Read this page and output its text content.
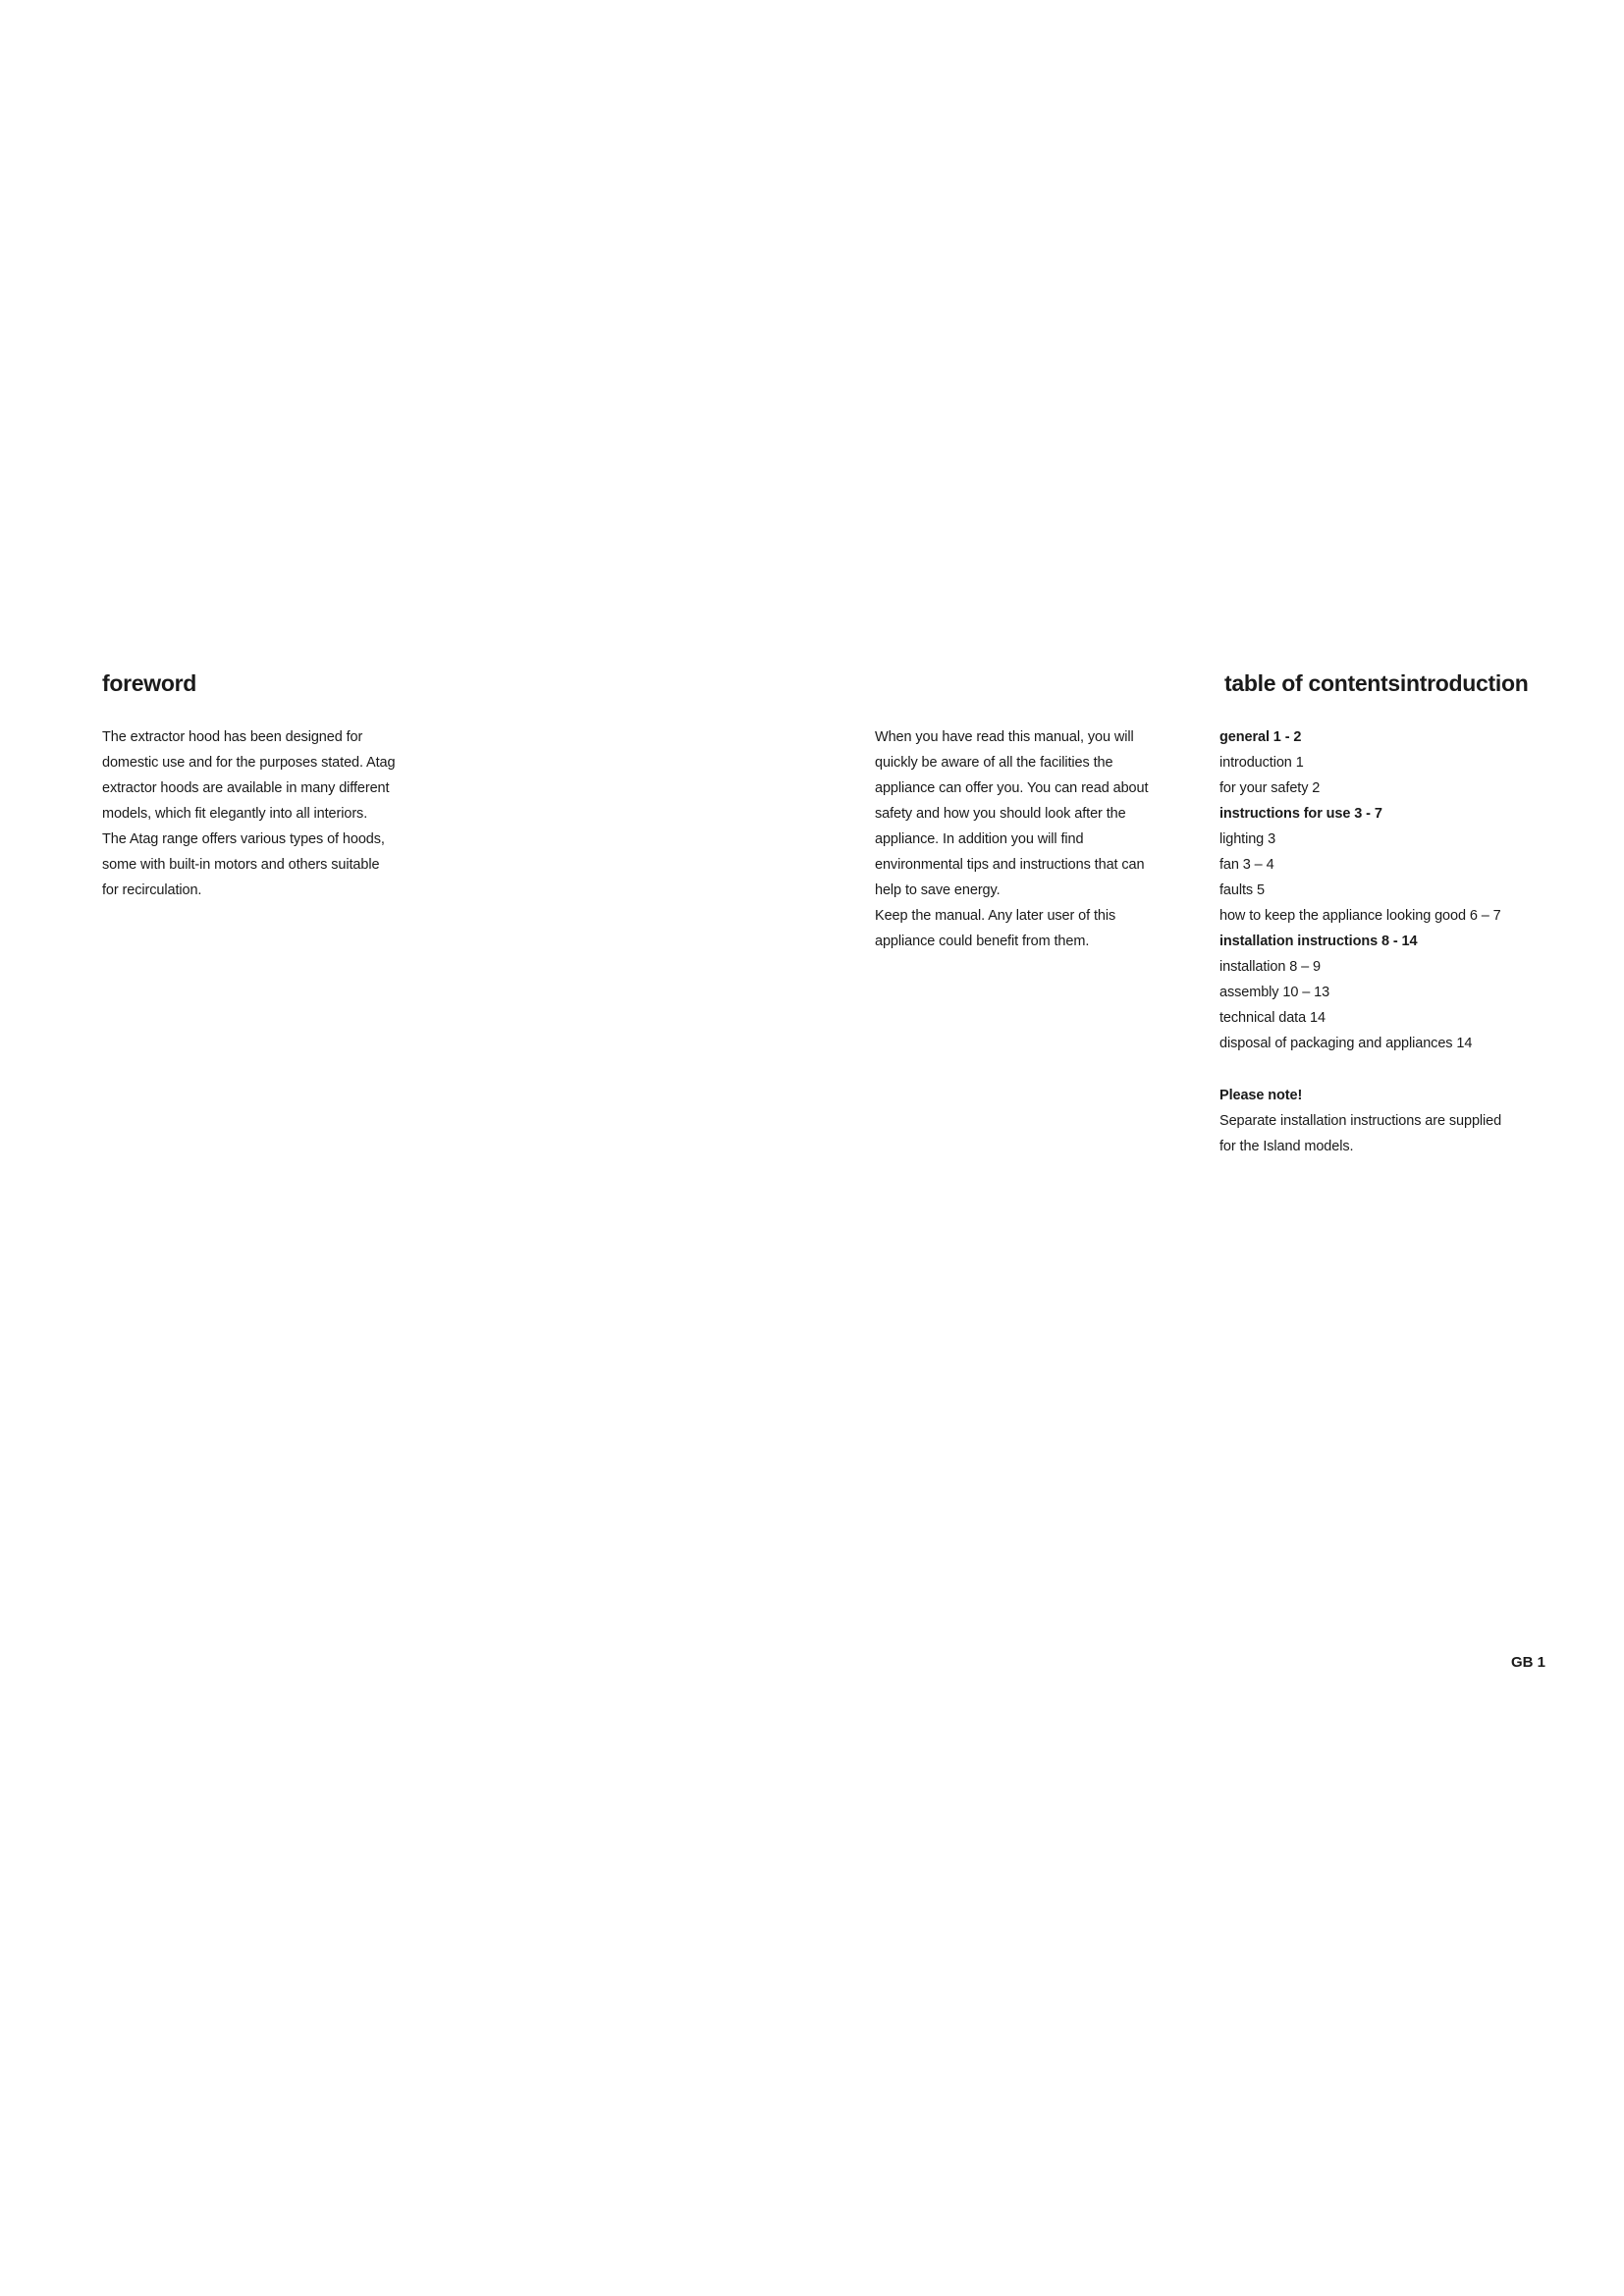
foreword
The extractor hood has been designed for
domestic use and for the purposes stated. Atag
extractor hoods are available in many different
models, which fit elegantly into all interiors.
The Atag range offers various types of hoods,
some with built-in motors and others suitable
for recirculation.
When you have read this manual, you will
quickly be aware of all the facilities the
appliance can offer you. You can read about
safety and how you should look after the
appliance. In addition you will find
environmental tips and instructions that can
help to save energy.
Keep the manual. Any later user of this
appliance could benefit from them.
table of contentsintroduction
general 1 - 2
introduction 1
for your safety 2
instructions for use 3 - 7
lighting 3
fan 3 – 4
faults 5
how to keep the appliance looking good 6 – 7
installation instructions 8 - 14
installation 8 – 9
assembly 10 – 13
technical data 14
disposal of packaging and appliances 14
Please note!
Separate installation instructions are supplied
for the Island models.
GB 1
